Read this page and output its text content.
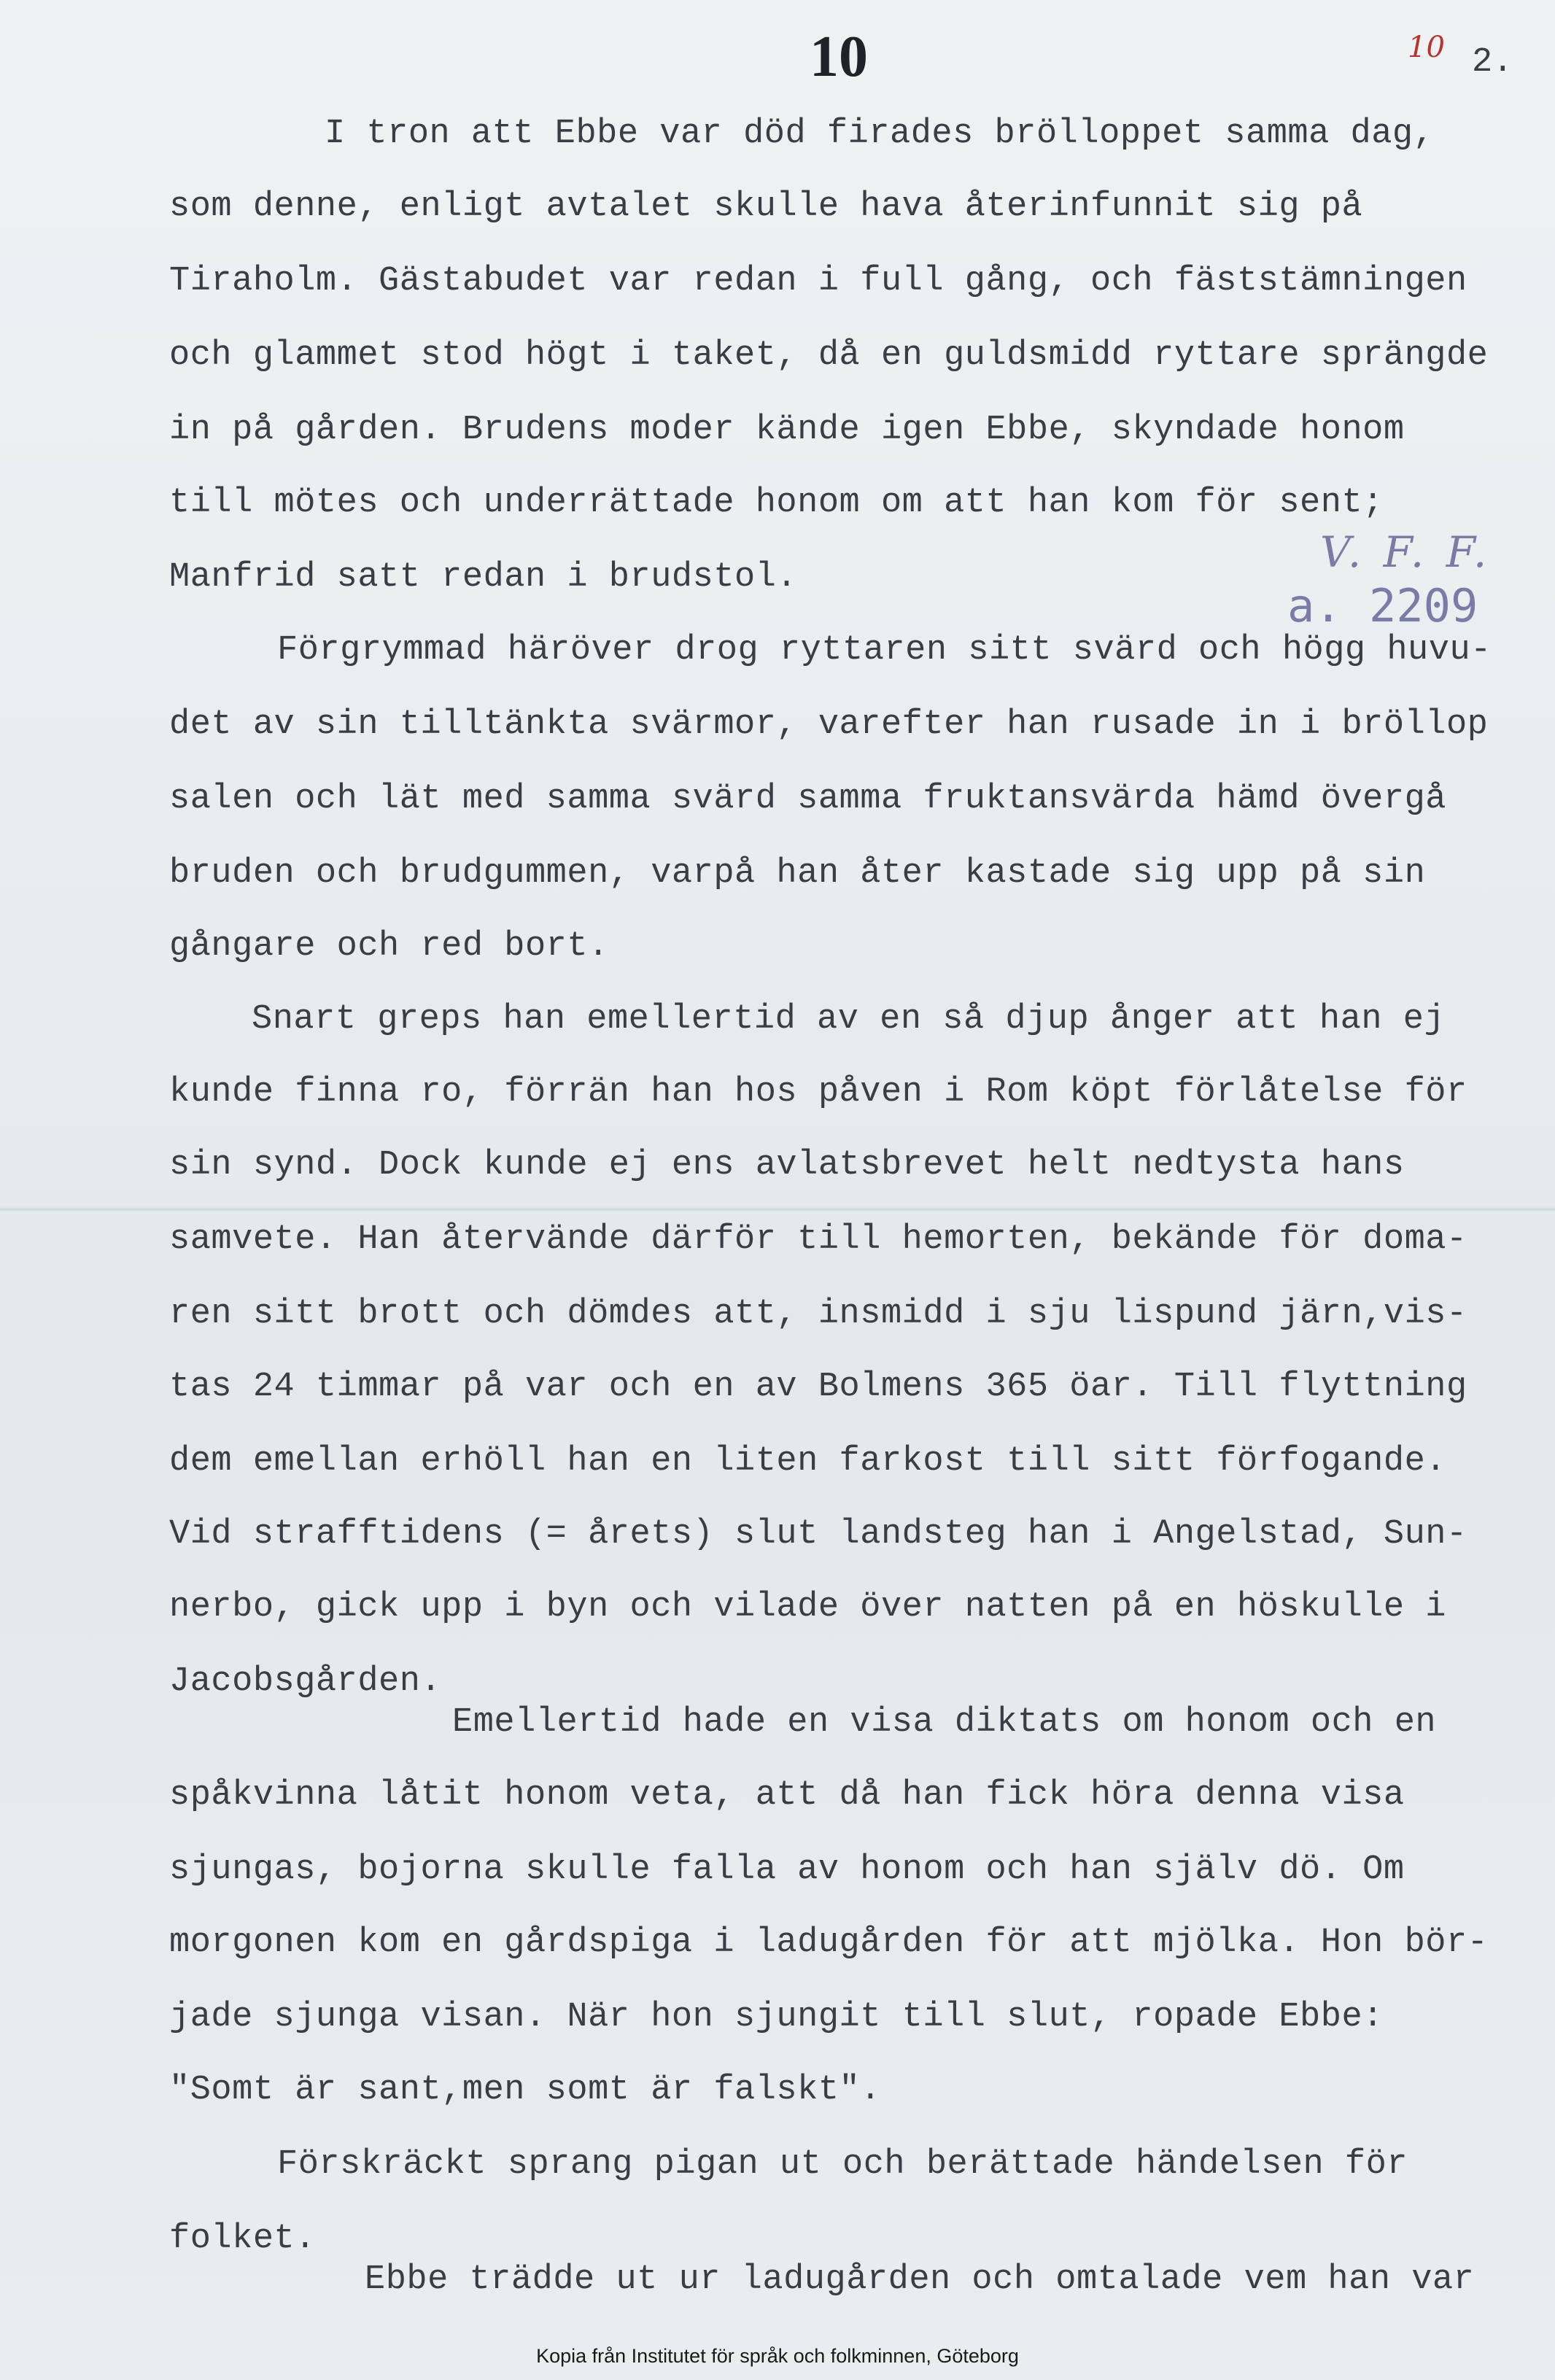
10	10 2.
V. F. F.
a. 2209
I tron att Ebbe var död firades brölloppet samma dag,
som denne, enligt avtalet skulle hava återinfunnit sig på
Tiraholm. Gästabudet var redan i full gång, och fäststämningen
och glammet stod högt i taket, då en guldsmidd ryttare sprängde
in på gården. Brudens moder kände igen Ebbe, skyndade honom
till mötes och underrättade honom om att han kom för sent;
Manfrid satt redan i brudstol.
Förgrymmad häröver drog ryttaren sitt svärd och högg huvu-
det av sin tilltänkta svärmor, varefter han rusade in i bröllop
salen och lät med samma svärd samma fruktansvärda hämd övergå
bruden och brudgummen, varpå han åter kastade sig upp på sin
gångare och red bort.
Snart greps han emellertid av en så djup ånger att han ej
kunde finna ro, förrän han hos påven i Rom köpt förlåtelse för
sin synd. Dock kunde ej ens avlatsbrevet helt nedtysta hans
samvete. Han återvände därför till hemorten, bekände för doma-
ren sitt brott och dömdes att, insmidd i sju lispund järn,vis-
tas 24 timmar på var och en av Bolmens 365 öar. Till flyttning
dem emellan erhöll han en liten farkost till sitt förfogande.
Vid strafftidens (= årets) slut landsteg han i Angelstad, Sun-
nerbo, gick upp i byn och vilade över natten på en höskulle i
Jacobsgården.
Emellertid hade en visa diktats om honom och en
spåkvinna låtit honom veta, att då han fick höra denna visa
sjungas, bojorna skulle falla av honom och han själv dö. Om
morgonen kom en gårdspiga i ladugården för att mjölka. Hon bör-
jade sjunga visan. När hon sjungit till slut, ropade Ebbe:
"Somt är sant,men somt är falskt".
Förskräckt sprang pigan ut och berättade händelsen för
folket.
Ebbe trädde ut ur ladugården och omtalade vem han var
Kopia från Institutet för språk och folkminnen, Göteborg
